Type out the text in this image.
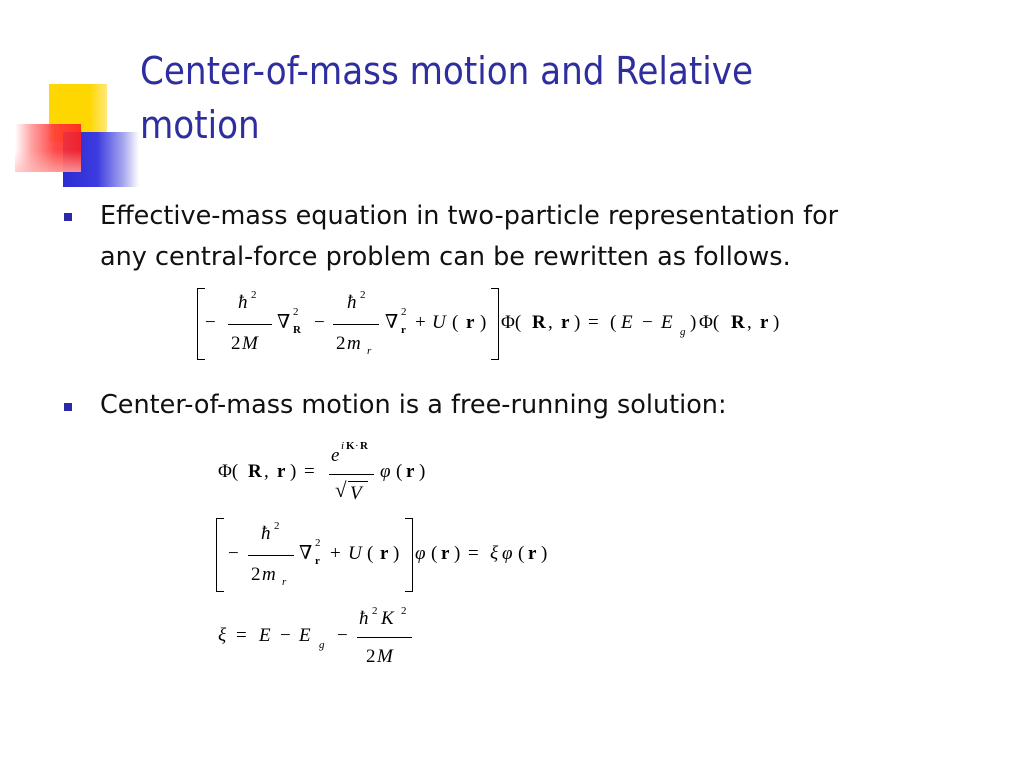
Center-of-mass motion and Relative
motion
Effective-mass equation in two-particle representation for
any central-force problem can be rewritten as follows.
−
ħ 2
2 M
∇ 2
R −
ħ 2
2 m r
∇ 2
r + U ( r ) Φ( R , r ) = ( E − E g ) Φ( R , r )
Center-of-mass motion is a free-running solution:
Φ( R , r ) =
e i K · R
√ V
φ ( r )
−
ħ 2
2 m r
∇ 2
r + U ( r ) φ ( r ) = ξ φ ( r )
ξ = E − E g −
ħ 2 K 2
2 M
